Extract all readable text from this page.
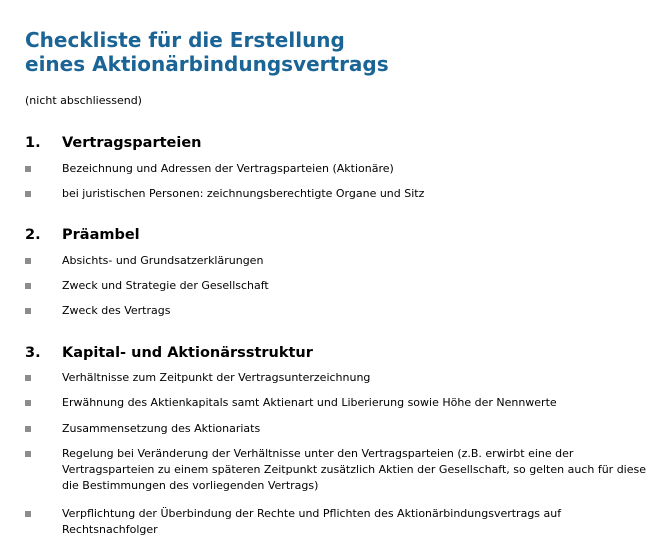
Checkliste für die Erstellung
eines Aktionärbindungsvertrags
(nicht abschliessend)
1. Vertragsparteien
Bezeichnung und Adressen der Vertragsparteien (Aktionäre)
bei juristischen Personen: zeichnungsberechtigte Organe und Sitz
2. Präambel
Absichts- und Grundsatzerklärungen
Zweck und Strategie der Gesellschaft
Zweck des Vertrags
3. Kapital- und Aktionärsstruktur
Verhältnisse zum Zeitpunkt der Vertragsunterzeichnung
Erwähnung des Aktienkapitals samt Aktienart und Liberierung sowie Höhe der Nennwerte
Zusammensetzung des Aktionariats
Regelung bei Veränderung der Verhältnisse unter den Vertragsparteien (z.B. erwirbt eine der Vertragsparteien zu einem späteren Zeitpunkt zusätzlich Aktien der Gesellschaft, so gelten auch für diese die Bestimmungen des vorliegenden Vertrags)
Verpflichtung der Überbindung der Rechte und Pflichten des Aktionärbindungsvertrags auf Rechtsnachfolger
